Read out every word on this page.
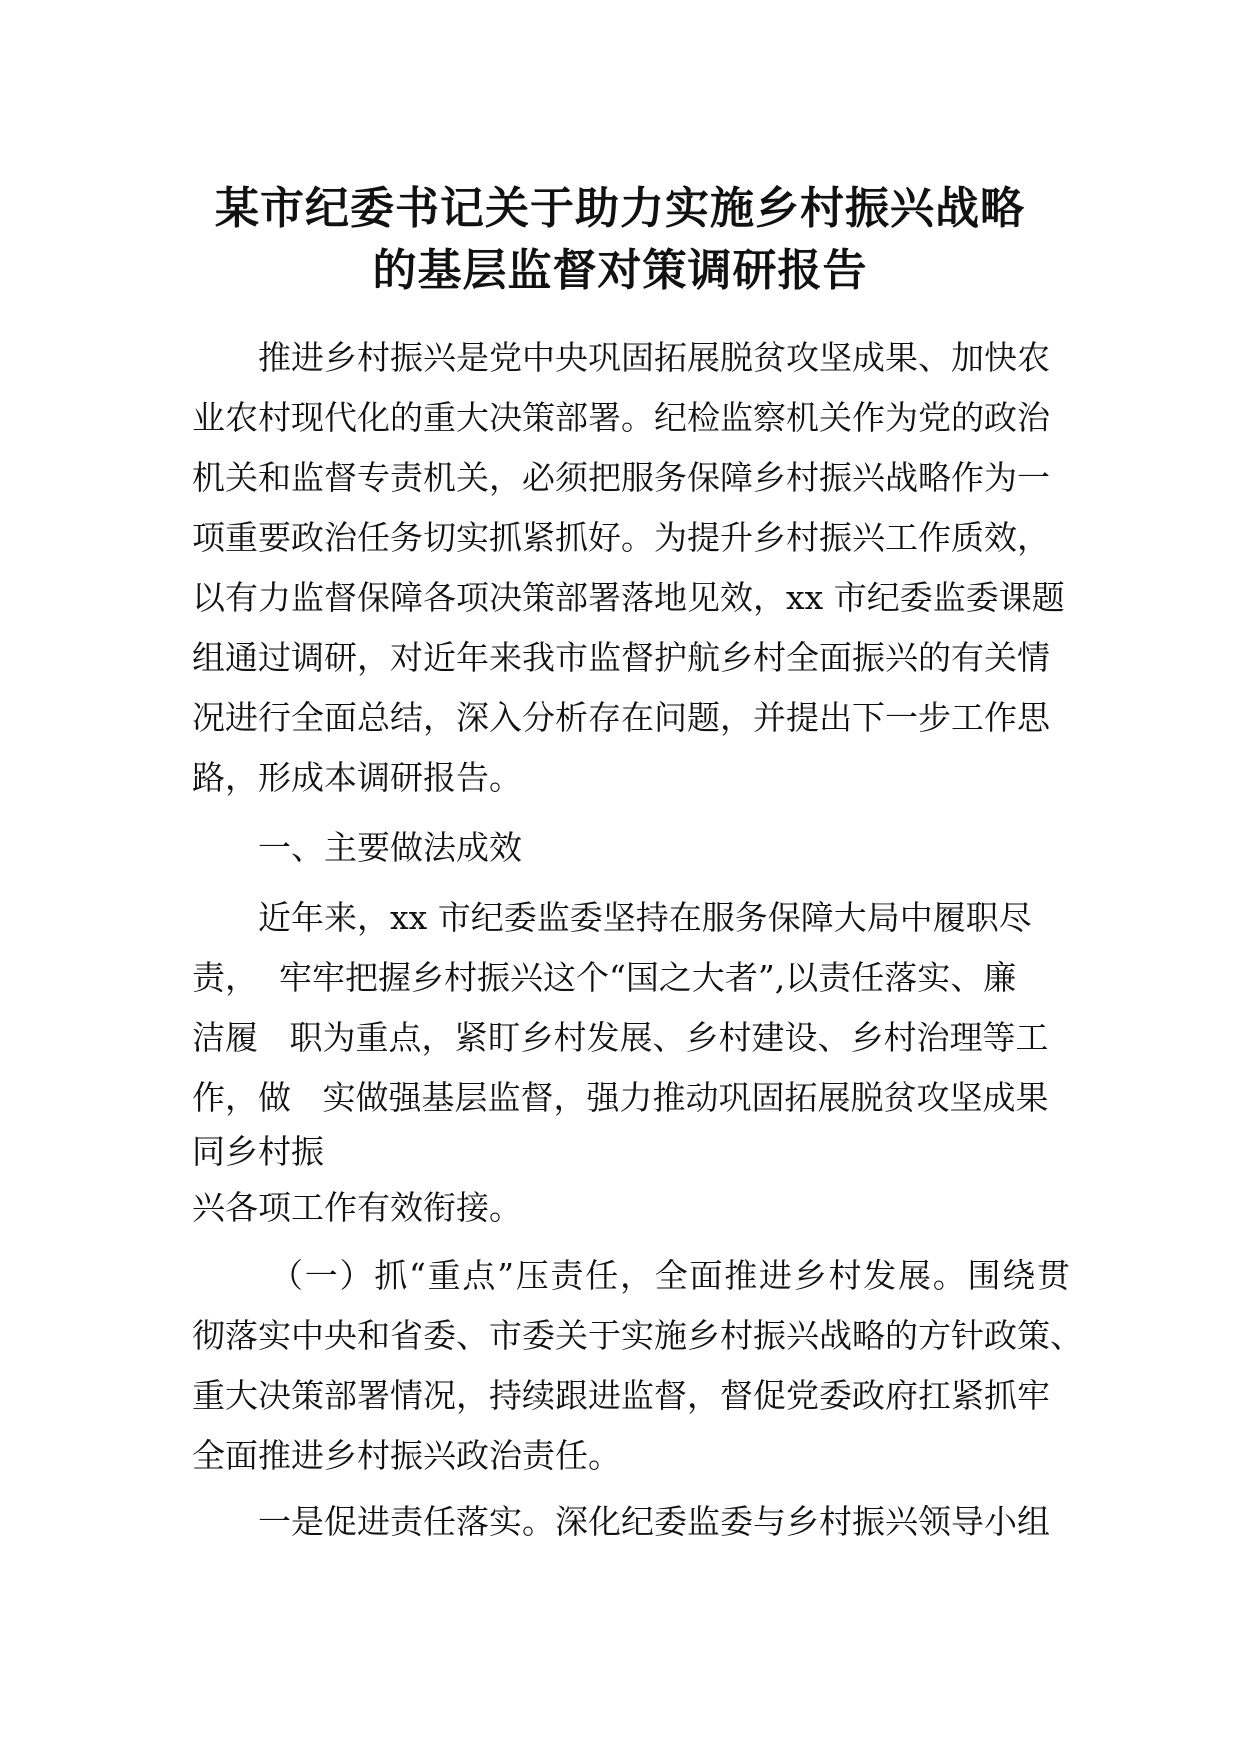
某市纪委书记关于助力实施乡村振兴战略
的基层监督对策调研报告

推进乡村振兴是党中央巩固拓展脱贫攻坚成果、加快农

业农村现代化的重大决策部署。纪检监察机关作为党的政治

机关和监督专责机关，必须把服务保障乡村振兴战略作为一

项重要政治任务切实抓紧抓好。为提升乡村振兴工作质效，

以有力监督保障各项决策部署落地见效，xx 市纪委监委课题

组通过调研，对近年来我市监督护航乡村全面振兴的有关情

况进行全面总结，深入分析存在问题，并提出下一步工作思

路，形成本调研报告。

一、主要做法成效

近年来，xx 市纪委监委坚持在服务保障大局中履职尽

责，  牢牢把握乡村振兴这个“国之大者”,以责任落实、廉

洁履   职为重点，紧盯乡村发展、乡村建设、乡村治理等工

作，做   实做强基层监督，强力推动巩固拓展脱贫攻坚成果

同乡村振

兴各项工作有效衔接。

（一）抓“重点”压责任，全面推进乡村发展。围绕贯

彻落实中央和省委、市委关于实施乡村振兴战略的方针政策、

重大决策部署情况，持续跟进监督，督促党委政府扛紧抓牢

全面推进乡村振兴政治责任。

一是促进责任落实。深化纪委监委与乡村振兴领导小组
